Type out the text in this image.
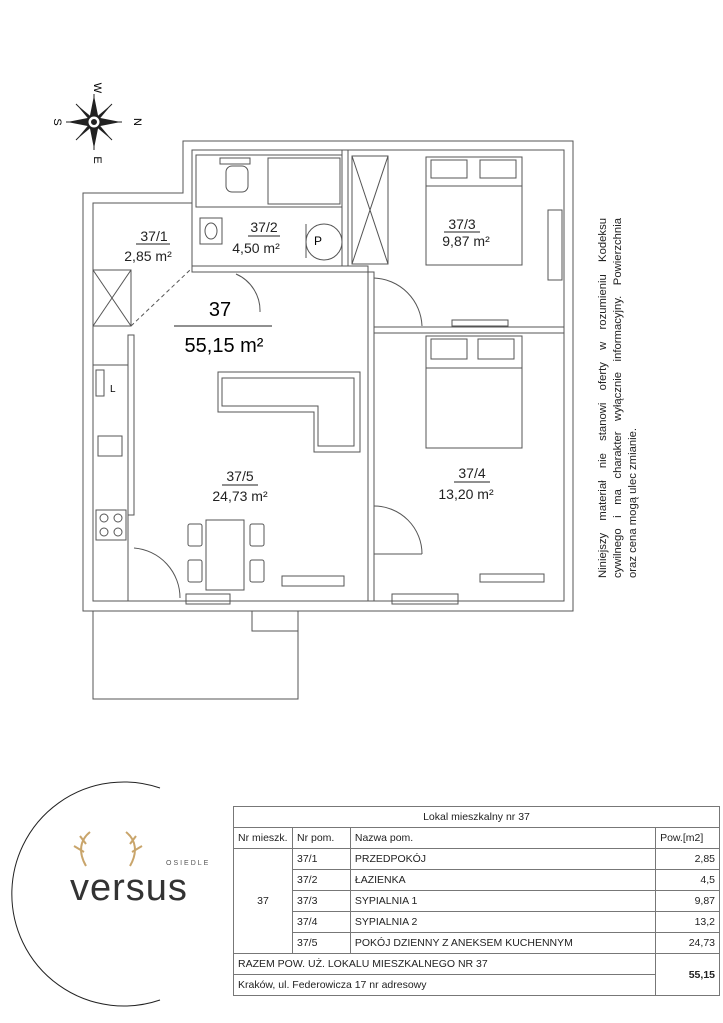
W
E
S	N
P
L
37/1
2,85 m²
37/2
4,50 m²
37/3
9,87 m²
37/4
13,20 m²
37/5
24,73 m²
37
55,15 m²
OSIEDLE
versus
Niniejszy materiał nie stanowi oferty w rozumieniu Kodeksu cywilnego i ma charakter wyłącznie informacyjny. Powierzchnia oraz cena mogą ulec zmianie.
Lokal mieszkalny nr 37			
Nr mieszk.	Nr pom.	Nazwa pom.	Pow.[m2]
37	37/1	PRZEDPOKÓJ	2,85
	37/2	ŁAZIENKA	4,5
	37/3	SYPIALNIA 1	9,87
	37/4	SYPIALNIA 2	13,2
	37/5	POKÓJ DZIENNY Z ANEKSEM KUCHENNYM	24,73
RAZEM POW. UŻ. LOKALU MIESZKALNEGO NR 37			55,15
Kraków, ul. Federowicza 17 nr adresowy			
